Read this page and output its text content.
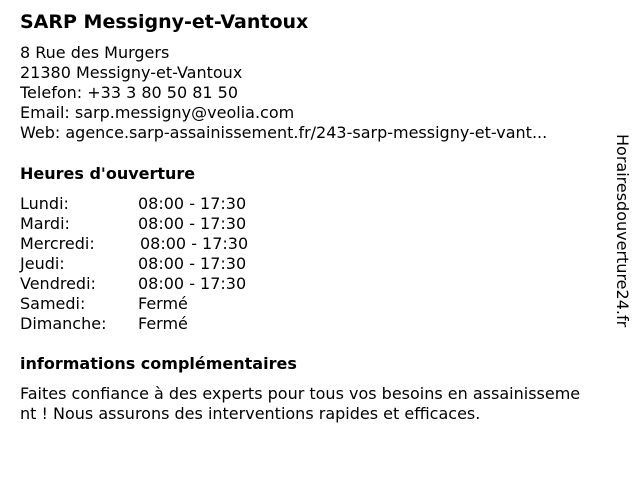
SARP Messigny-et-Vantoux
8 Rue des Murgers
21380 Messigny-et-Vantoux
Telefon: +33 3 80 50 81 50
Email: sarp.messigny@veolia.com
Web: agence.sarp-assainissement.fr/243-sarp-messigny-et-vant...
Heures d'ouverture
Lundi:	08:00 - 17:30
Mardi:	08:00 - 17:30
Mercredi:	08:00 - 17:30
Jeudi:	08:00 - 17:30
Vendredi:	08:00 - 17:30
Samedi:	Fermé
Dimanche: Fermé
informations complémentaires
Faites confiance à des experts pour tous vos besoins en assainisseme
nt ! Nous assurons des interventions rapides et efficaces.
Horairesdouverture24.fr
